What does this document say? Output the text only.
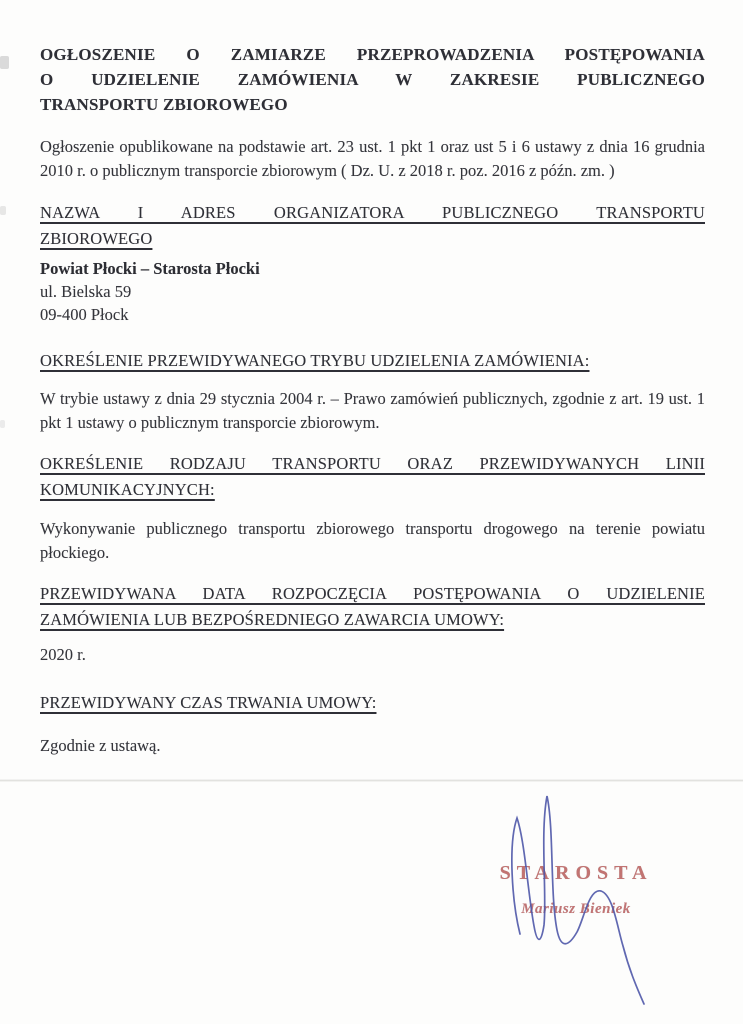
OGŁOSZENIE O ZAMIARZE PRZEPROWADZENIA POSTĘPOWANIA
O UDZIELENIE ZAMÓWIENIA W ZAKRESIE PUBLICZNEGO
TRANSPORTU ZBIOROWEGO
Ogłoszenie opublikowane na podstawie art. 23 ust. 1 pkt 1 oraz ust 5 i 6 ustawy z dnia 16 grudnia 2010 r. o publicznym transporcie zbiorowym ( Dz. U. z 2018 r. poz. 2016 z późn. zm. )
NAZWA I ADRES ORGANIZATORA PUBLICZNEGO TRANSPORTU
ZBIOROWEGO
Powiat Płocki – Starosta Płocki
ul. Bielska 59
09-400 Płock
OKREŚLENIE PRZEWIDYWANEGO TRYBU UDZIELENIA ZAMÓWIENIA:
W trybie ustawy z dnia 29 stycznia 2004 r. – Prawo zamówień publicznych, zgodnie z art. 19 ust. 1 pkt 1 ustawy o publicznym transporcie zbiorowym.
OKREŚLENIE RODZAJU TRANSPORTU ORAZ PRZEWIDYWANYCH LINII
KOMUNIKACYJNYCH:
Wykonywanie publicznego transportu zbiorowego transportu drogowego na terenie powiatu płockiego.
PRZEWIDYWANA DATA ROZPOCZĘCIA POSTĘPOWANIA O UDZIELENIE
ZAMÓWIENIA LUB BEZPOŚREDNIEGO ZAWARCIA UMOWY:
2020 r.
PRZEWIDYWANY CZAS TRWANIA UMOWY:
Zgodnie z ustawą.
STAROSTA
Mariusz Bieniek
